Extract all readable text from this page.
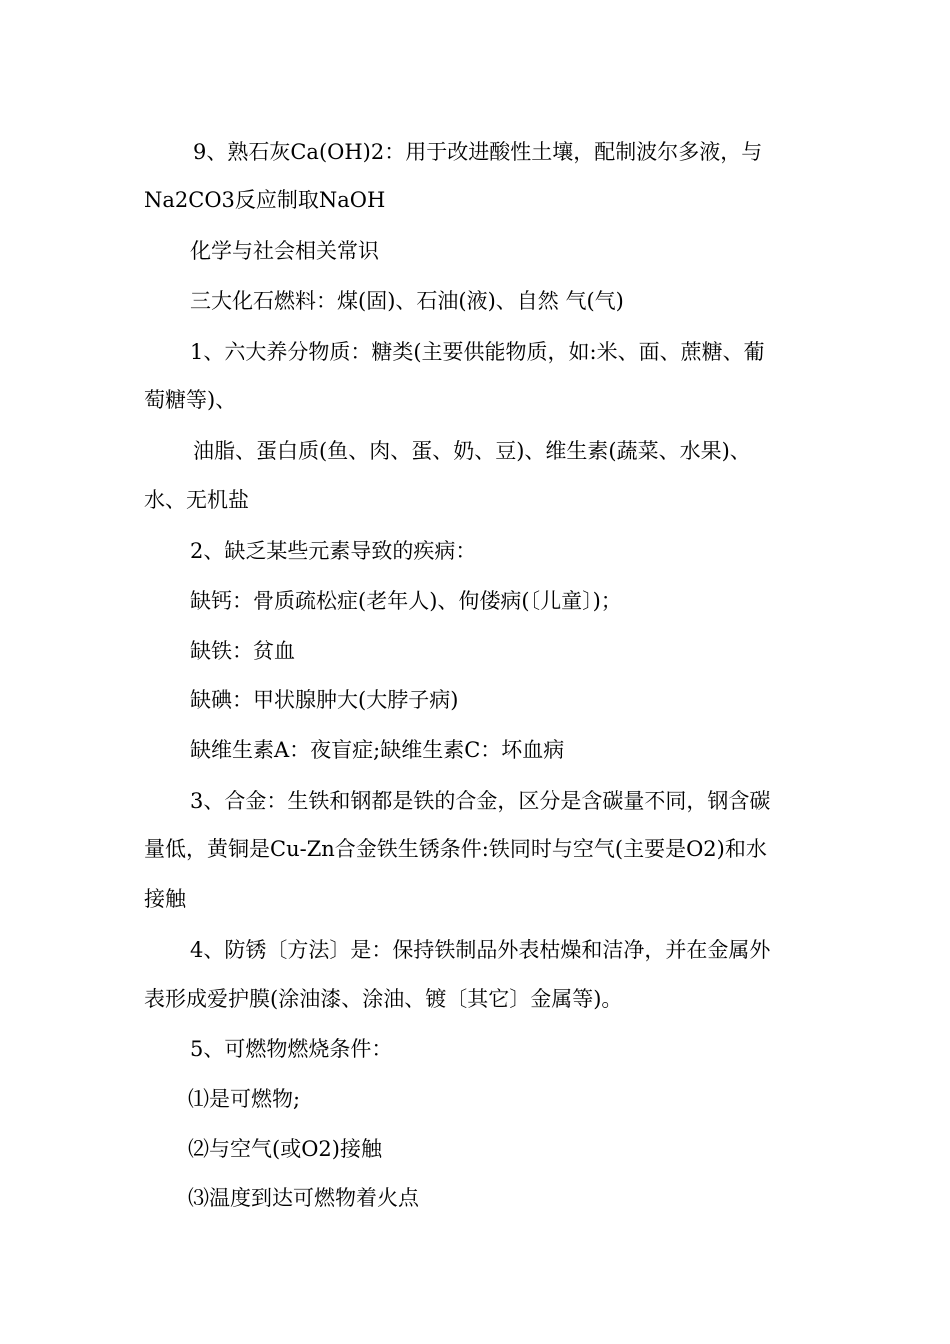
9、熟石灰Ca(OH)2：用于改进酸性土壤，配制波尔多液，与
Na2CO3反应制取NaOH
化学与社会相关常识
三大化石燃料：煤(固)、石油(液)、自然 气(气)
1、六大养分物质：糖类(主要供能物质，如:米、面、蔗糖、葡
萄糖等)、
油脂、蛋白质(鱼、肉、蛋、奶、豆)、维生素(蔬菜、水果)、
水、无机盐
2、缺乏某些元素导致的疾病：
缺钙：骨质疏松症(老年人)、佝偻病(〔儿童〕)；
缺铁：贫血
缺碘：甲状腺肿大(大脖子病)
缺维生素A：夜盲症;缺维生素C：坏血病
3、合金：生铁和钢都是铁的合金，区分是含碳量不同，钢含碳
量低，黄铜是Cu-Zn合金铁生锈条件:铁同时与空气(主要是O2)和水
接触
4、防锈〔方法〕是：保持铁制品外表枯燥和洁净，并在金属外
表形成爱护膜(涂油漆、涂油、镀〔其它〕金属等)。
5、可燃物燃烧条件：
⑴是可燃物;
⑵与空气(或O2)接触
⑶温度到达可燃物着火点
